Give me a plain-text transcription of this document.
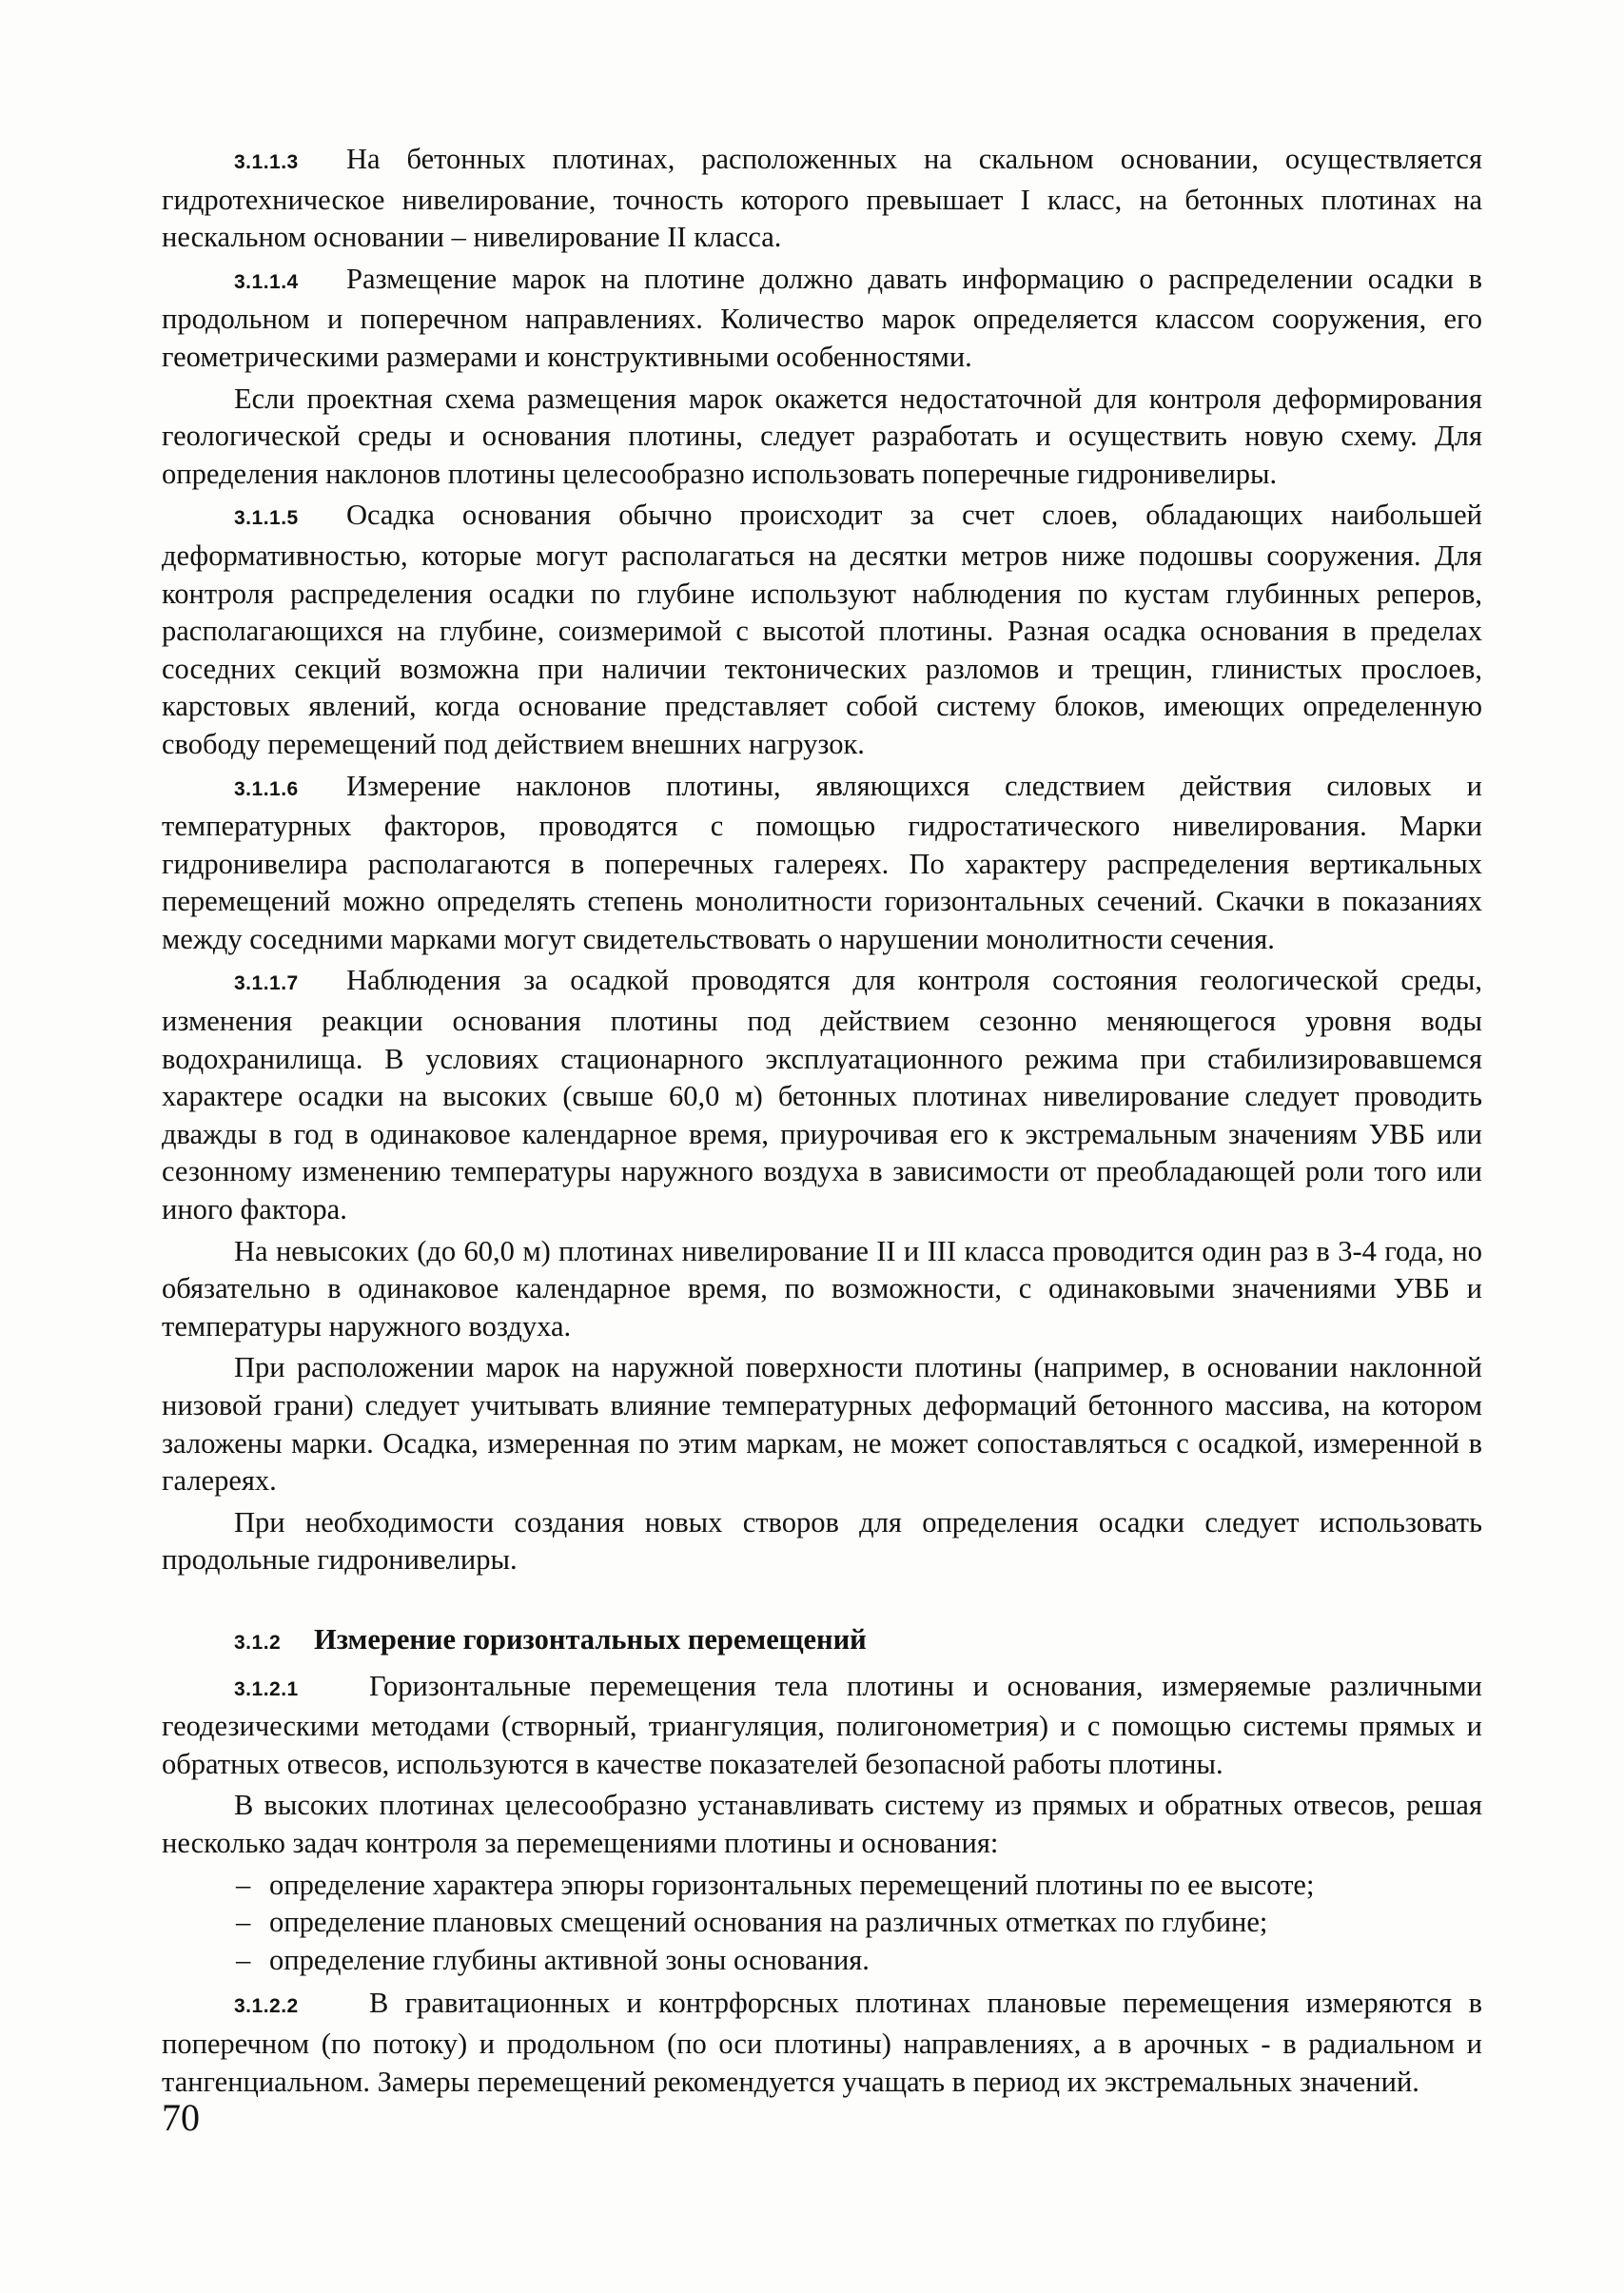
3.1.1.3 На бетонных плотинах, расположенных на скальном основании, осуществляется гидротехническое нивелирование, точность которого превышает I класс, на бетонных плотинах на нескальном основании – нивелирование II класса.
3.1.1.4 Размещение марок на плотине должно давать информацию о распределении осадки в продольном и поперечном направлениях. Количество марок определяется классом сооружения, его геометрическими размерами и конструктивными особенностями.
Если проектная схема размещения марок окажется недостаточной для контроля деформирования геологической среды и основания плотины, следует разработать и осуществить новую схему. Для определения наклонов плотины целесообразно использовать поперечные гидронивелиры.
3.1.1.5 Осадка основания обычно происходит за счет слоев, обладающих наибольшей деформативностью, которые могут располагаться на десятки метров ниже подошвы сооружения. Для контроля распределения осадки по глубине используют наблюдения по кустам глубинных реперов, располагающихся на глубине, соизмеримой с высотой плотины. Разная осадка основания в пределах соседних секций возможна при наличии тектонических разломов и трещин, глинистых прослоев, карстовых явлений, когда основание представляет собой систему блоков, имеющих определенную свободу перемещений под действием внешних нагрузок.
3.1.1.6 Измерение наклонов плотины, являющихся следствием действия силовых и температурных факторов, проводятся с помощью гидростатического нивелирования. Марки гидронивелира располагаются в поперечных галереях. По характеру распределения вертикальных перемещений можно определять степень монолитности горизонтальных сечений. Скачки в показаниях между соседними марками могут свидетельствовать о нарушении монолитности сечения.
3.1.1.7 Наблюдения за осадкой проводятся для контроля состояния геологической среды, изменения реакции основания плотины под действием сезонно меняющегося уровня воды водохранилища. В условиях стационарного эксплуатационного режима при стабилизировавшемся характере осадки на высоких (свыше 60,0 м) бетонных плотинах нивелирование следует проводить дважды в год в одинаковое календарное время, приурочивая его к экстремальным значениям УВБ или сезонному изменению температуры наружного воздуха в зависимости от преобладающей роли того или иного фактора.
На невысоких (до 60,0 м) плотинах нивелирование II и III класса проводится один раз в 3-4 года, но обязательно в одинаковое календарное время, по возможности, с одинаковыми значениями УВБ и температуры наружного воздуха.
При расположении марок на наружной поверхности плотины (например, в основании наклонной низовой грани) следует учитывать влияние температурных деформаций бетонного массива, на котором заложены марки. Осадка, измеренная по этим маркам, не может сопоставляться с осадкой, измеренной в галереях.
При необходимости создания новых створов для определения осадки следует использовать продольные гидронивелиры.
3.1.2 Измерение горизонтальных перемещений
3.1.2.1 Горизонтальные перемещения тела плотины и основания, измеряемые различными геодезическими методами (створный, триангуляция, полигонометрия) и с помощью системы прямых и обратных отвесов, используются в качестве показателей безопасной работы плотины.
В высоких плотинах целесообразно устанавливать систему из прямых и обратных отвесов, решая несколько задач контроля за перемещениями плотины и основания:
– определение характера эпюры горизонтальных перемещений плотины по ее высоте;
– определение плановых смещений основания на различных отметках по глубине;
– определение глубины активной зоны основания.
3.1.2.2 В гравитационных и контрфорсных плотинах плановые перемещения измеряются в поперечном (по потоку) и продольном (по оси плотины) направлениях, а в арочных - в радиальном и тангенциальном. Замеры перемещений рекомендуется учащать в период их экстремальных значений.
70
